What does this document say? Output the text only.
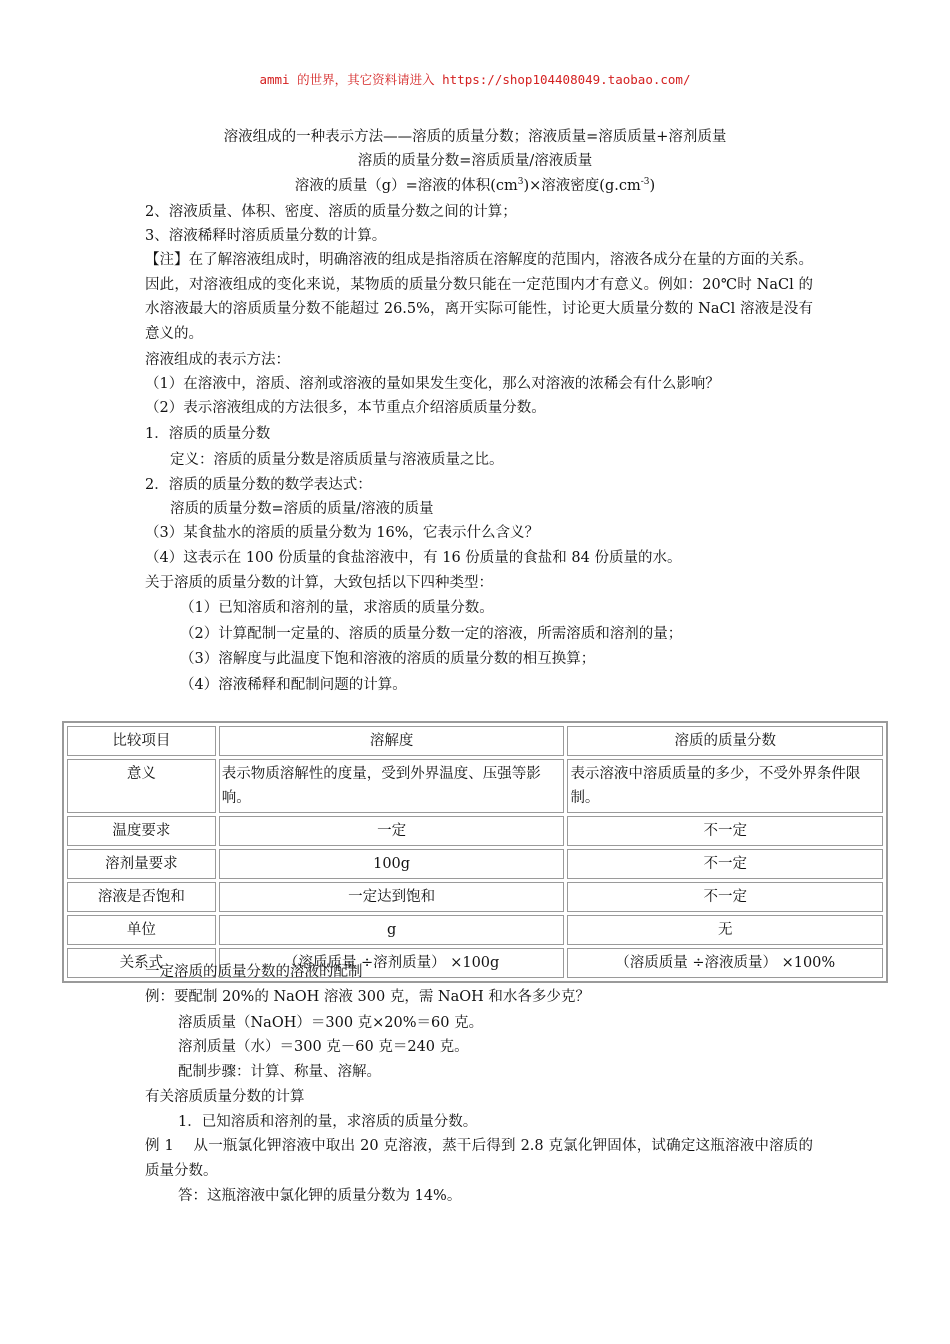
ammi 的世界，其它资料请进入 https://shop104408049.taobao.com/
溶液组成的一种表示方法——溶质的质量分数；溶液质量=溶质质量+溶剂质量
溶质的质量分数=溶质质量/溶液质量
溶液的质量（g）=溶液的体积$(cm^3)\times$溶液密度$(g.cm^{-3})$
2、溶液质量、体积、密度、溶质的质量分数之间的计算；
3、溶液稀释时溶质质量分数的计算。
【注】在了解溶液组成时，明确溶液的组成是指溶质在溶解度的范围内，溶液各成分在量的方面的关系。因此，对溶液组成的变化来说，某物质的质量分数只能在一定范围内才有意义。例如：20℃时 NaCl 的水溶液最大的溶质质量分数不能超过 26.5%，离开实际可能性，讨论更大质量分数的 NaCl 溶液是没有意义的。
溶液组成的表示方法：
（1）在溶液中，溶质、溶剂或溶液的量如果发生变化，那么对溶液的浓稀会有什么影响？
（2）表示溶液组成的方法很多，本节重点介绍溶质质量分数。
1．溶质的质量分数
定义：溶质的质量分数是溶质质量与溶液质量之比。
2．溶质的质量分数的数学表达式：
溶质的质量分数=溶质的质量/溶液的质量
（3）某食盐水的溶质的质量分数为 16%，它表示什么含义？
（4）这表示在 100 份质量的食盐溶液中，有 16 份质量的食盐和 84 份质量的水。
关于溶质的质量分数的计算，大致包括以下四种类型：
（1）已知溶质和溶剂的量，求溶质的质量分数。
（2）计算配制一定量的、溶质的质量分数一定的溶液，所需溶质和溶剂的量；
（3）溶解度与此温度下饱和溶液的溶质的质量分数的相互换算；
（4）溶液稀释和配制问题的计算。
比较项目	溶解度	溶质的质量分数
意义	表示物质溶解性的度量，受到外界温度、压强等影响。	表示溶液中溶质质量的多少，不受外界条件限制。
温度要求	一定	不一定
溶剂量要求	100g	不一定
溶液是否饱和	一定达到饱和	不一定
单位	g	无
关系式	（溶质质量 ÷溶剂质量） ×100g	（溶质质量 ÷溶液质量） ×100%
一定溶质的质量分数的溶液的配制
例：要配制 20%的 NaOH 溶液 300 克，需 NaOH 和水各多少克？
溶质质量（NaOH）＝300 克×20%＝60 克。
溶剂质量（水）＝300 克－60 克＝240 克。
配制步骤：计算、称量、溶解。
有关溶质质量分数的计算
1．已知溶质和溶剂的量，求溶质的质量分数。
例 1　 从一瓶氯化钾溶液中取出 20 克溶液，蒸干后得到 2.8 克氯化钾固体，试确定这瓶溶液中溶质的质量分数。
答：这瓶溶液中氯化钾的质量分数为 14%。
